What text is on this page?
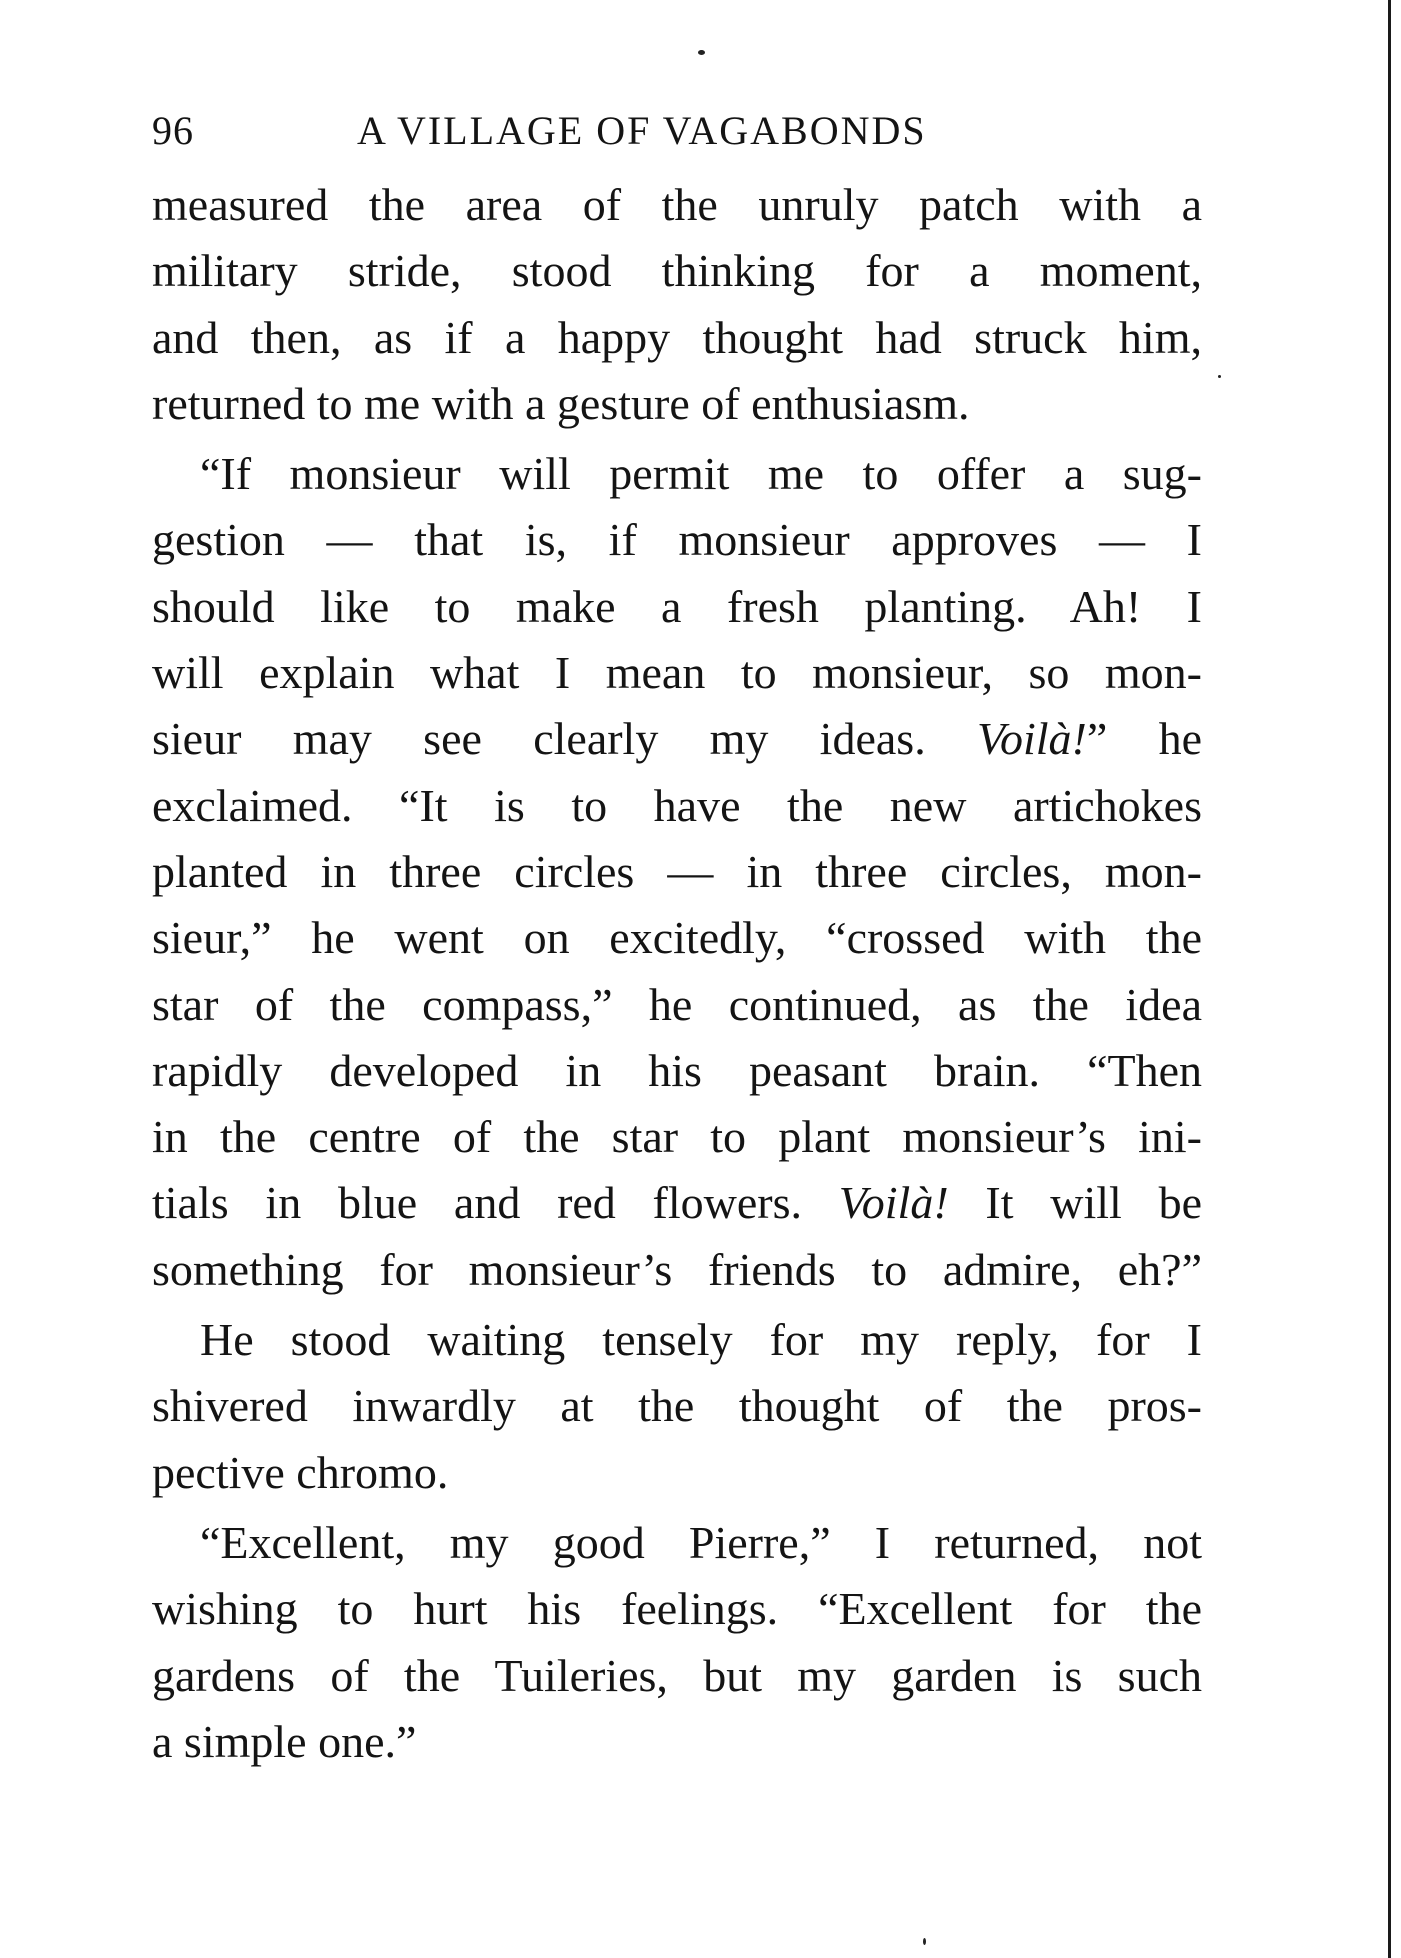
96	A VILLAGE OF VAGABONDS
measured the area of the unruly patch with a
military stride, stood thinking for a moment,
and then, as if a happy thought had struck him,
returned to me with a gesture of enthusiasm.
“If monsieur will permit me to offer a sug-
gestion — that is, if monsieur approves — I
should like to make a fresh planting. Ah! I
will explain what I mean to monsieur, so mon-
sieur may see clearly my ideas. Voilà!” he
exclaimed. “It is to have the new artichokes
planted in three circles — in three circles, mon-
sieur,” he went on excitedly, “crossed with the
star of the compass,” he continued, as the idea
rapidly developed in his peasant brain. “Then
in the centre of the star to plant monsieur’s ini-
tials in blue and red flowers. Voilà! It will be
something for monsieur’s friends to admire, eh?”
He stood waiting tensely for my reply, for I
shivered inwardly at the thought of the pros-
pective chromo.
“Excellent, my good Pierre,” I returned, not
wishing to hurt his feelings. “Excellent for the
gardens of the Tuileries, but my garden is such
a simple one.”
